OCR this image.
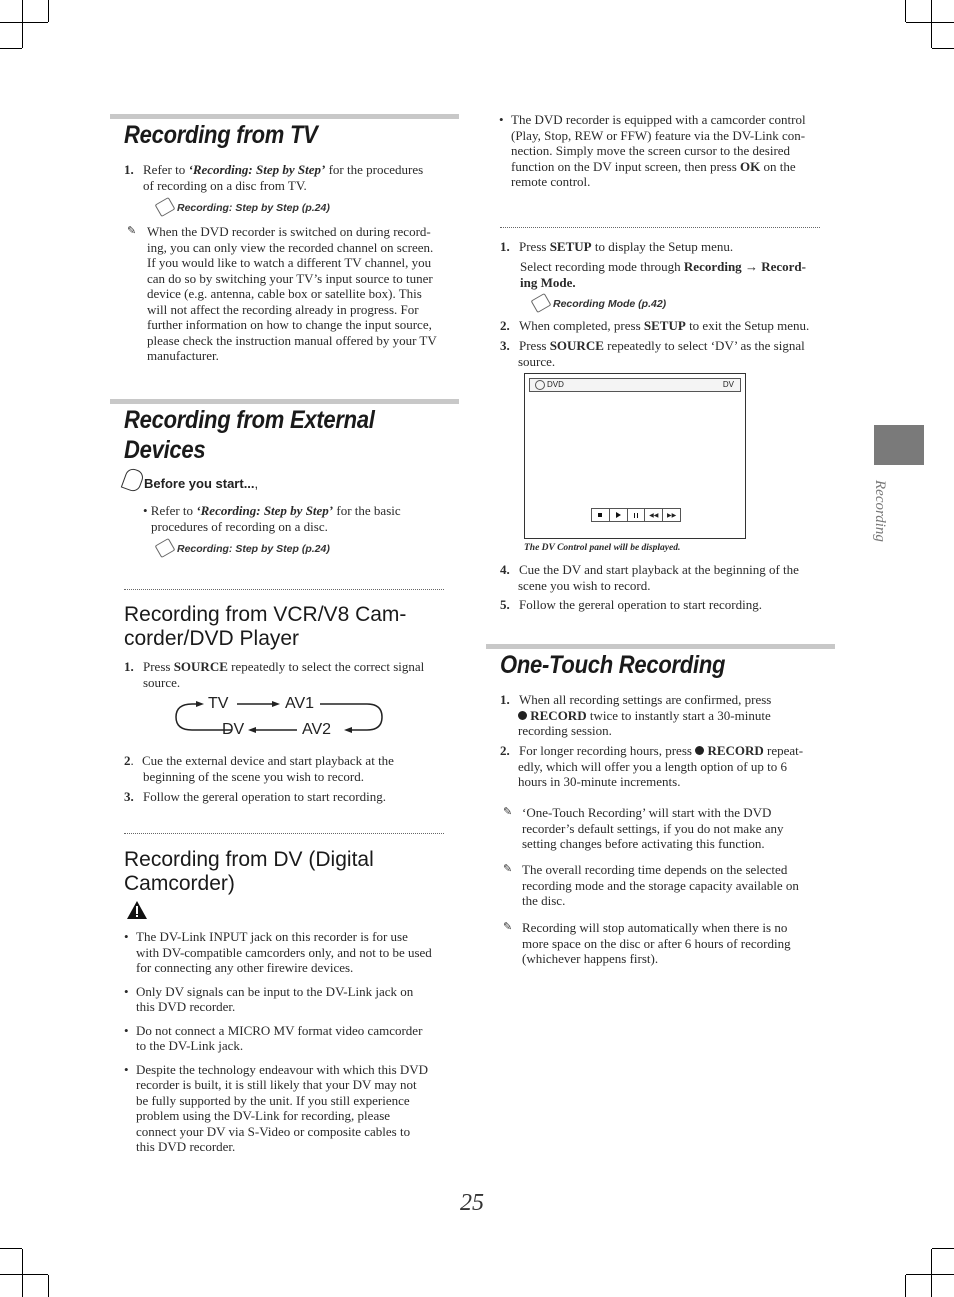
Recording
Recording from TV
1. Refer to ‘Recording: Step by Step’ for the procedures
of recording on a disc from TV.
Recording: Step by Step (p.24)
✎ When the DVD recorder is switched on during record-
ing, you can only view the recorded channel on screen.
If you would like to watch a different TV channel, you
can do so by switching your TV’s input source to tuner
device (e.g. antenna, cable box or satellite box). This
will not affect the recording already in progress. For
further information on how to change the input source,
please check the instruction manual offered by your TV
manufacturer.
Recording from External
Devices
Before you start...,
• Refer to ‘Recording: Step by Step’ for the basic
procedures of recording on a disc.
Recording: Step by Step (p.24)
Recording from VCR/V8 Cam-
corder/DVD Player
1. Press SOURCE repeatedly to select the correct signal
source.
TV	AV1
DV	AV2
2. Cue the external device and start playback at the
beginning of the scene you wish to record.
3. Follow the gereral operation to start recording.
Recording from DV (Digital
Camcorder)
• The DV-Link INPUT jack on this recorder is for use
with DV-compatible camcorders only, and not to be used
for connecting any other firewire devices.
• Only DV signals can be input to the DV-Link jack on
this DVD recorder.
• Do not connect a MICRO MV format video camcorder
to the DV-Link jack.
• Despite the technology endeavour with which this DVD
recorder is built, it is still likely that your DV may not
be fully supported by the unit. If you still experience
problem using the DV-Link for recording, please
connect your DV via S-Video or composite cables to
this DVD recorder.
• The DVD recorder is equipped with a camcorder control
(Play, Stop, REW or FFW) feature via the DV-Link con-
nection. Simply move the screen cursor to the desired
function on the DV input screen, then press OK on the
remote control.
1. Press SETUP to display the Setup menu.
Select recording mode through Recording → Record-
ing Mode.
Recording Mode (p.42)
2. When completed, press SETUP to exit the Setup menu.
3. Press SOURCE repeatedly to select ‘DV’ as the signal
source.
DVD	DV
◀◀	▶▶
The DV Control panel will be displayed.
4. Cue the DV and start playback at the beginning of the
scene you wish to record.
5. Follow the gereral operation to start recording.
One-Touch Recording
1. When all recording settings are confirmed, press
RECORD twice to instantly start a 30-minute
recording session.
2. For longer recording hours, press  RECORD repeat-
edly, which will offer you a length option of up to 6
hours in 30-minute increments.
✎ ‘One-Touch Recording’ will start with the DVD
recorder’s default settings, if you do not make any
setting changes before activating this function.
✎ The overall recording time depends on the selected
recording mode and the storage capacity available on
the disc.
✎ Recording will stop automatically when there is no
more space on the disc or after 6 hours of recording
(whichever happens first).
25
